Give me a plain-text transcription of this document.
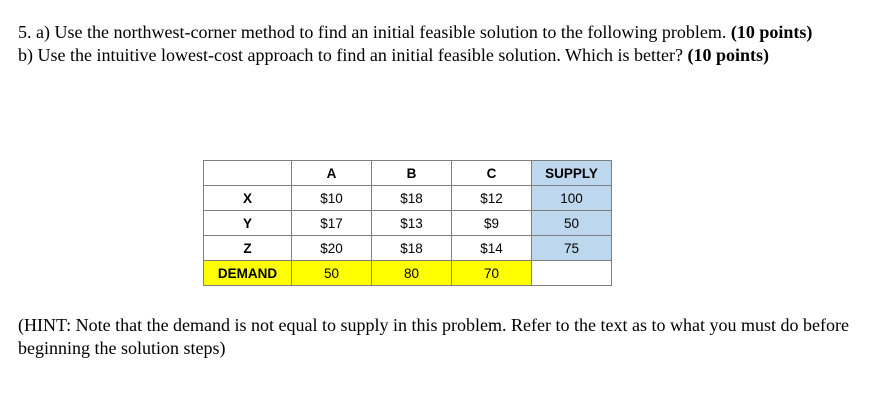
5. a) Use the northwest-corner method to find an initial feasible solution to the following problem. (10 points)

b) Use the intuitive lowest-cost approach to find an initial feasible solution. Which is better? (10 points)

	A	B	C	SUPPLY
X	$10	$18	$12	100
Y	$17	$13	$9	50
Z	$20	$18	$14	75
DEMAND	50	80	70	

(HINT: Note that the demand is not equal to supply in this problem. Refer to the text as to what you must do before beginning the solution steps)
